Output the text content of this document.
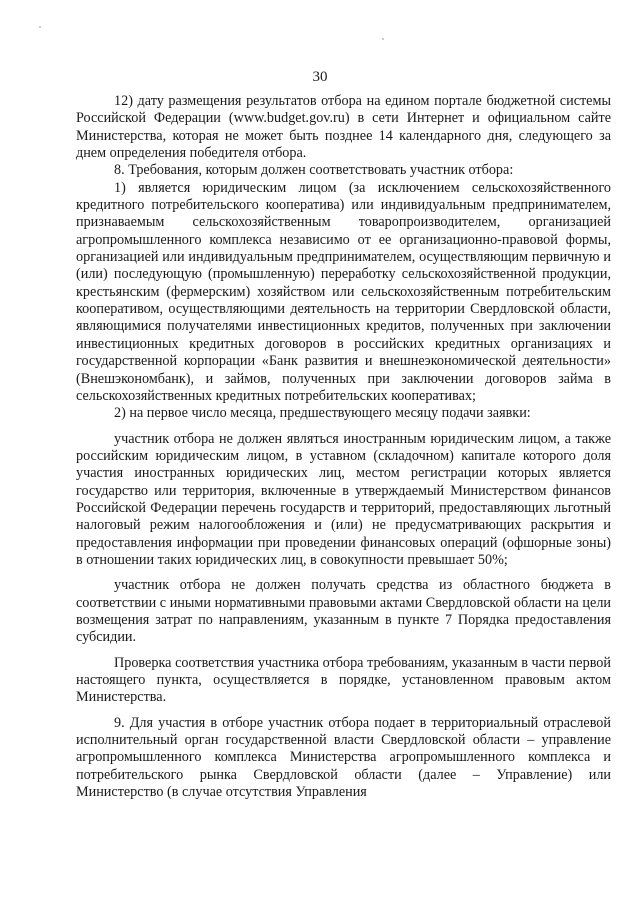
30

12) дату размещения результатов отбора на едином портале бюджетной системы Российской Федерации (www.budget.gov.ru) в сети Интернет и официальном сайте Министерства, которая не может быть позднее 14 календарного дня, следующего за днем определения победителя отбора.

8. Требования, которым должен соответствовать участник отбора:

1) является юридическим лицом (за исключением сельскохозяйственного кредитного потребительского кооператива) или индивидуальным предпринимателем, признаваемым сельскохозяйственным товаропроизводителем, организацией агропромышленного комплекса независимо от ее организационно-правовой формы, организацией или индивидуальным предпринимателем, осуществляющим первичную и (или) последующую (промышленную) переработку сельскохозяйственной продукции, крестьянским (фермерским) хозяйством или сельскохозяйственным потребительским кооперативом, осуществляющими деятельность на территории Свердловской области, являющимися получателями инвестиционных кредитов, полученных при заключении инвестиционных кредитных договоров в российских кредитных организациях и государственной корпорации «Банк развития и внешнеэкономической деятельности» (Внешэкономбанк), и займов, полученных при заключении договоров займа в сельскохозяйственных кредитных потребительских кооперативах;

2) на первое число месяца, предшествующего месяцу подачи заявки:

участник отбора не должен являться иностранным юридическим лицом, а также российским юридическим лицом, в уставном (складочном) капитале которого доля участия иностранных юридических лиц, местом регистрации которых является государство или территория, включенные в утверждаемый Министерством финансов Российской Федерации перечень государств и территорий, предоставляющих льготный налоговый режим налогообложения и (или) не предусматривающих раскрытия и предоставления информации при проведении финансовых операций (офшорные зоны) в отношении таких юридических лиц, в совокупности превышает 50%;

участник отбора не должен получать средства из областного бюджета в соответствии с иными нормативными правовыми актами Свердловской области на цели возмещения затрат по направлениям, указанным в пункте 7 Порядка предоставления субсидии.

Проверка соответствия участника отбора требованиям, указанным в части первой настоящего пункта, осуществляется в порядке, установленном правовым актом Министерства.

9. Для участия в отборе участник отбора подает в территориальный отраслевой исполнительный орган государственной власти Свердловской области – управление агропромышленного комплекса Министерства агропромышленного комплекса и потребительского рынка Свердловской области (далее – Управление) или Министерство (в случае отсутствия Управления
